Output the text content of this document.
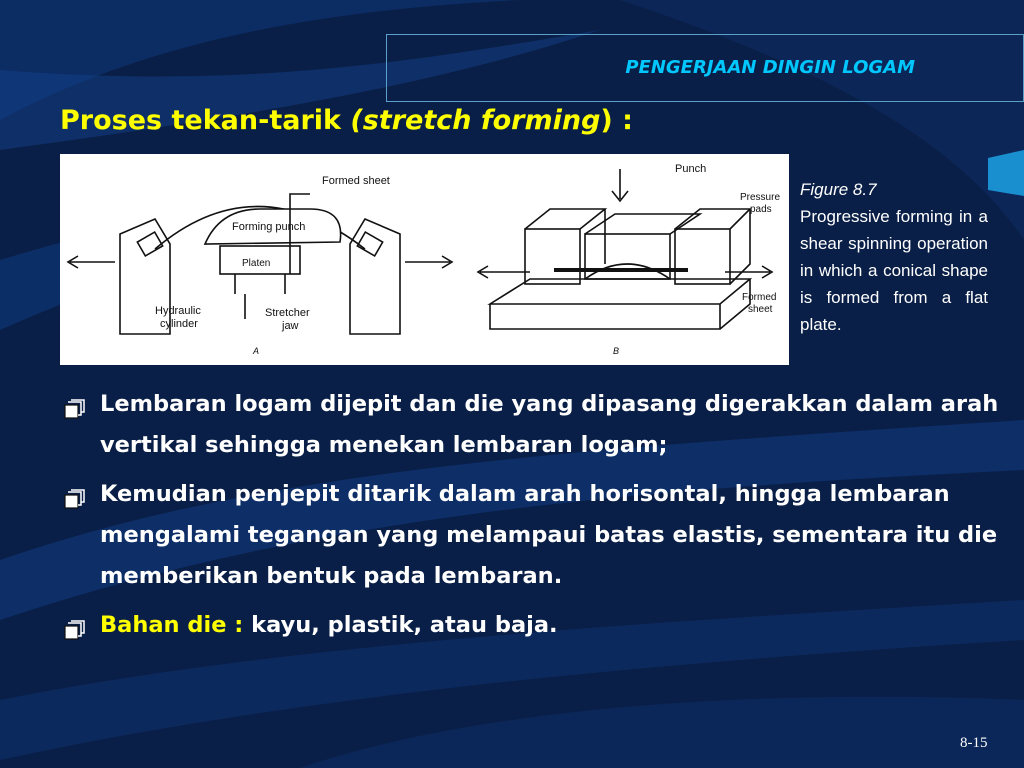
PENGERJAAN DINGIN LOGAM
Proses tekan-tarik (stretch forming) :
Formed sheet
Forming punch
Platen
Hydraulic
cylinder
Stretcher
jaw
A
Punch
Pressure
pads
Formed
sheet
B
Figure 8.7
Progressive forming in a shear spinning operation in which a conical shape is formed from a flat plate.
Lembaran logam dijepit dan die yang dipasang digerakkan dalam arah vertikal sehingga menekan lembaran logam;
Kemudian penjepit ditarik dalam arah horisontal, hingga lembaran mengalami tegangan yang melampaui batas elastis, sementara itu die memberikan bentuk pada lembaran.
Bahan die : kayu, plastik, atau baja.
8-15
